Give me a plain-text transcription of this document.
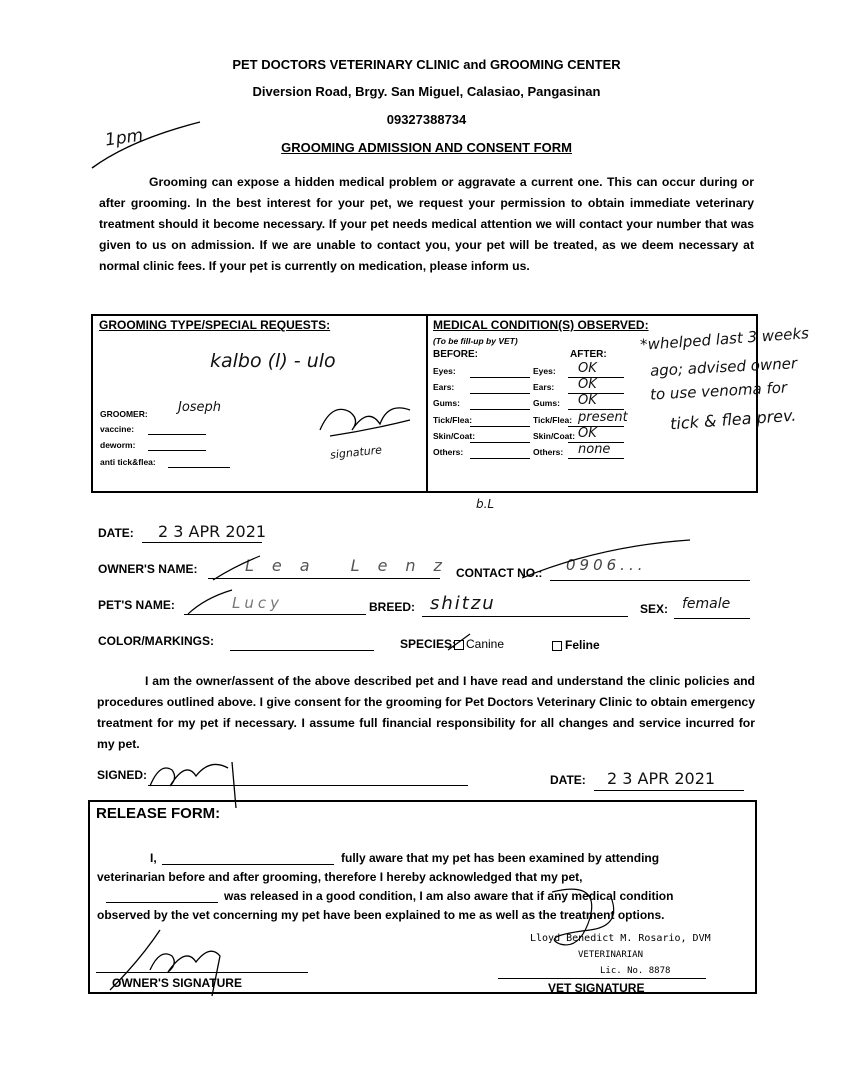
1pm
PET DOCTORS VETERINARY CLINIC and GROOMING CENTER
Diversion Road, Brgy. San Miguel, Calasiao, Pangasinan
09327388734
GROOMING ADMISSION AND CONSENT FORM
Grooming can expose a hidden medical problem or aggravate a current one. This can occur during or after grooming. In the best interest for your pet, we request your permission to obtain immediate veterinary treatment should it become necessary. If your pet needs medical attention we will contact your number that was given to us on admission. If we are unable to contact you, your pet will be treated, as we deem necessary at normal clinic fees. If your pet is currently on medication, please inform us.
GROOMING TYPE/SPECIAL REQUESTS:
kalbo (l) - ulo
GROOMER: Joseph
vaccine:
deworm:
anti tick&flea:
signature
MEDICAL CONDITION(S) OBSERVED:
(To be fill-up by VET)
BEFORE:	AFTER:
Eyes:	Eyes: OK
Ears:	Ears: OK
Gums:	Gums: OK
Tick/Flea:	Tick/Flea: present
Skin/Coat:	Skin/Coat: OK
Others:	Others: none
*whelped last 3 weeks
ago; advised owner
to use venoma for
tick & flea prev.
b.L
DATE: 2 3 APR 2021
OWNER'S NAME:	Lea Lenz
CONTACT NO.: 0906...
PET'S NAME:	Lucy	BREED: shitzu	SEX: female
COLOR/MARKINGS:	SPECIES: Canine	Feline
I am the owner/assent of the above described pet and I have read and understand the clinic policies and procedures outlined above. I give consent for the grooming for Pet Doctors Veterinary Clinic to obtain emergency treatment for my pet if necessary. I assume full financial responsibility for all changes and service incurred for my pet.
SIGNED:	DATE: 2 3 APR 2021
RELEASE FORM:
I,	fully aware that my pet has been examined by attending
veterinarian before and after grooming, therefore I hereby acknowledged that my pet,
was released in a good condition, I am also aware that if any medical condition
observed by the vet concerning my pet have been explained to me as well as the treatment options.
Lloyd Benedict M. Rosario, DVM
VETERINARIAN
Lic. No. 8878
OWNER'S SIGNATURE	VET SIGNATURE
